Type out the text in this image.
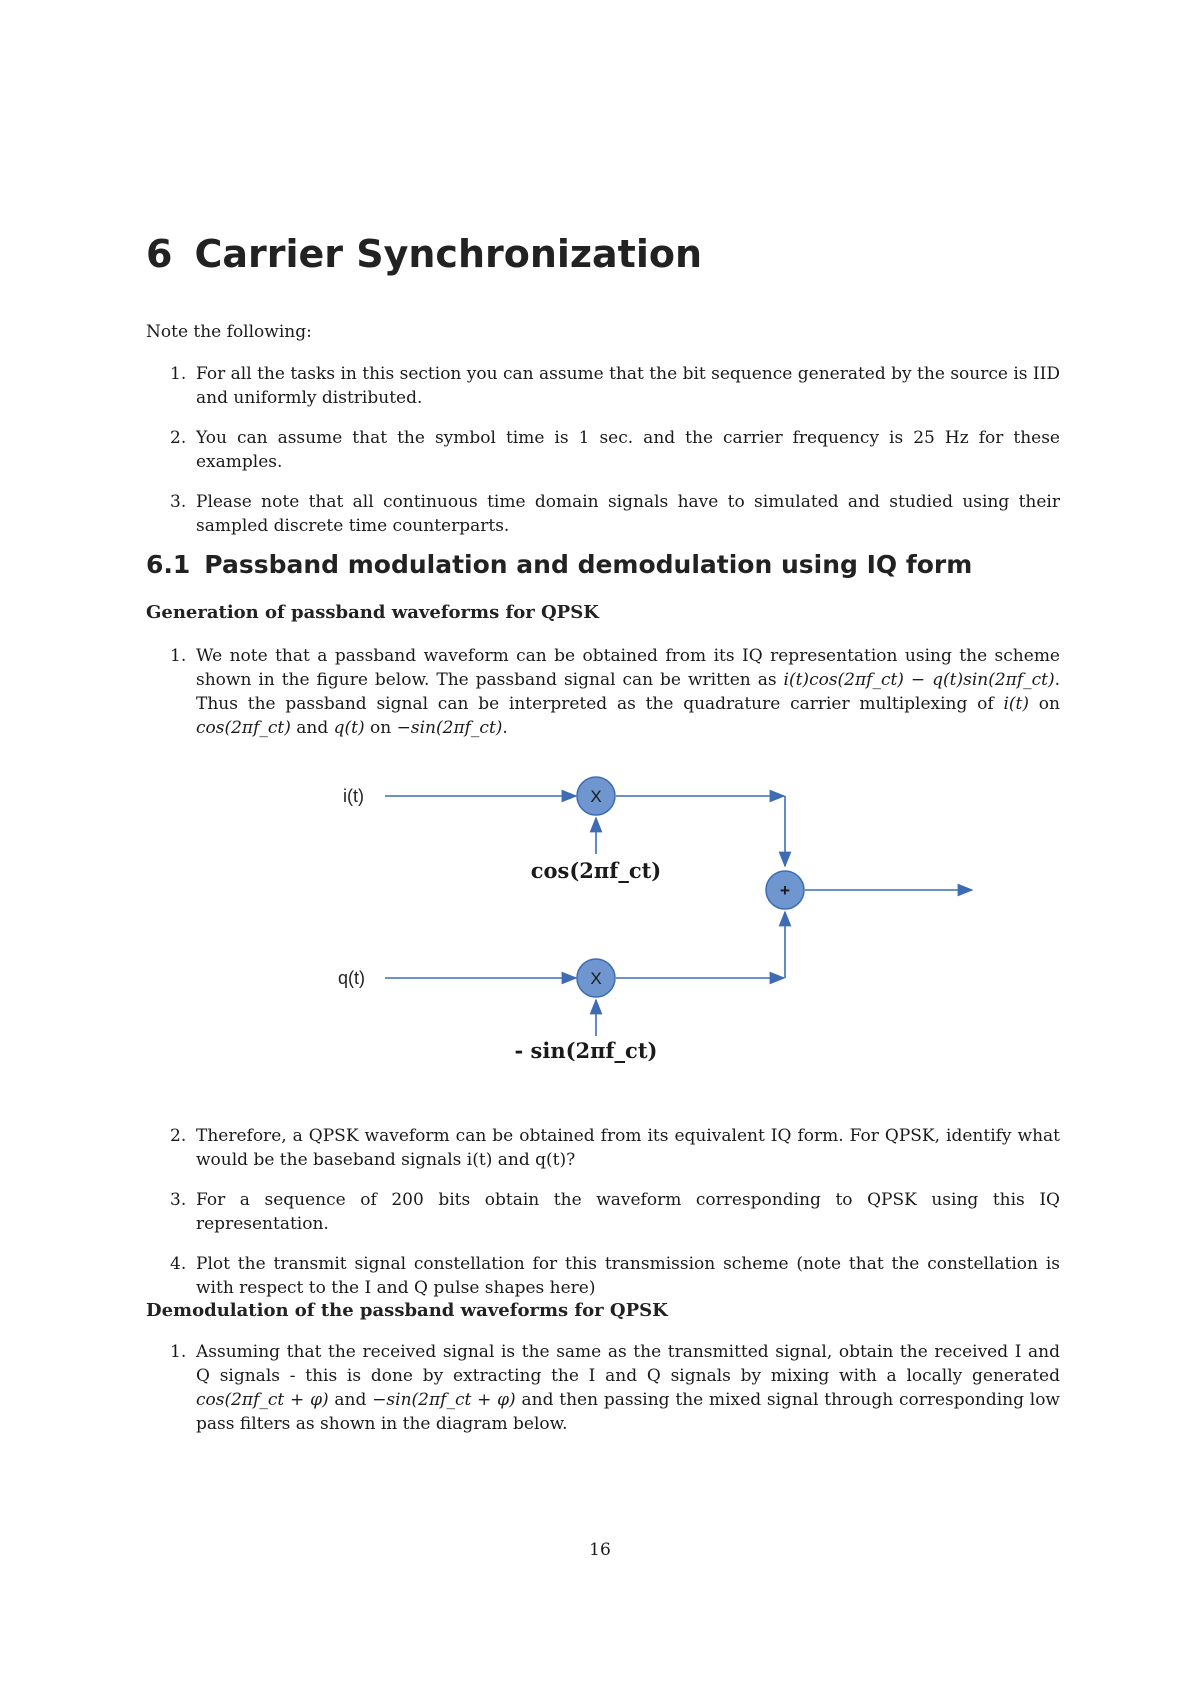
6 Carrier Synchronization

Note the following:

1. For all the tasks in this section you can assume that the bit sequence generated by the source is IID and uniformly distributed.
2. You can assume that the symbol time is 1 sec. and the carrier frequency is 25 Hz for these examples.
3. Please note that all continuous time domain signals have to simulated and studied using their sampled discrete time counterparts.
6.1 Passband modulation and demodulation using IQ form
Generation of passband waveforms for QPSK
1. We note that a passband waveform can be obtained from its IQ representation using the scheme shown in the figure below. The passband signal can be written as i(t)cos(2πf_ct) − q(t)sin(2πf_ct). Thus the passband signal can be interpreted as the quadrature carrier multiplexing of i(t) on cos(2πf_ct) and q(t) on −sin(2πf_ct).
2. Therefore, a QPSK waveform can be obtained from its equivalent IQ form. For QPSK, identify what would be the baseband signals i(t) and q(t)?
3. For a sequence of 200 bits obtain the waveform corresponding to QPSK using this IQ representation.
4. Plot the transmit signal constellation for this transmission scheme (note that the constellation is with respect to the I and Q pulse shapes here)
Demodulation of the passband waveforms for QPSK
1. Assuming that the received signal is the same as the transmitted signal, obtain the received I and Q signals - this is done by extracting the I and Q signals by mixing with a locally generated cos(2πf_ct + φ) and −sin(2πf_ct + φ) and then passing the mixed signal through corresponding low pass filters as shown in the diagram below.
i(t)
q(t)
X
X
+
cos(2πf_ct)
- sin(2πf_ct)
16
